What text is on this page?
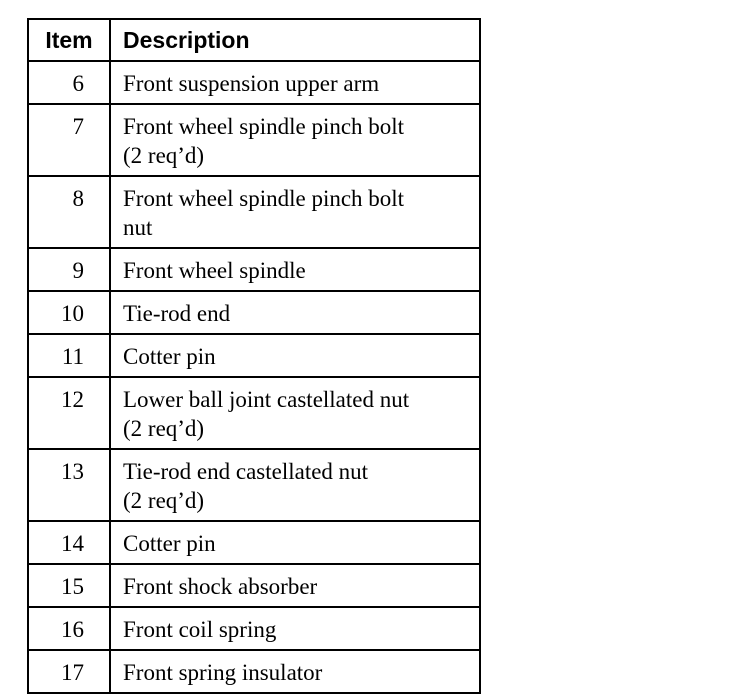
Item	Description
6	Front suspension upper arm
7	Front wheel spindle pinch bolt
(2 req’d)
8	Front wheel spindle pinch bolt
nut
9	Front wheel spindle
10	Tie-rod end
11	Cotter pin
12	Lower ball joint castellated nut
(2 req’d)
13	Tie-rod end castellated nut
(2 req’d)
14	Cotter pin
15	Front shock absorber
16	Front coil spring
17	Front spring insulator
